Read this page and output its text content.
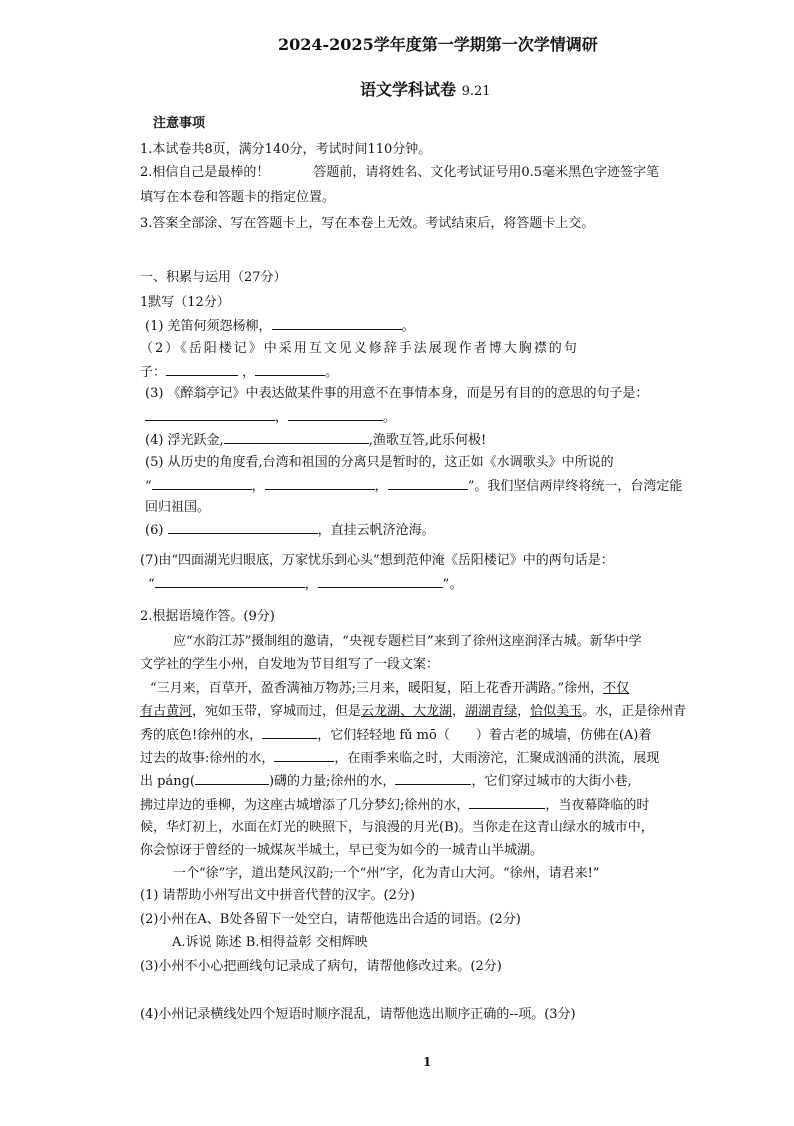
2024-2025学年度第一学期第一次学情调研
语文学科试卷 9.21
注意事项
1.本试卷共8页，满分140分，考试时间110分钟。
2.相信自己是最棒的！	答题前，请将姓名、文化考试证号用0.5毫米黑色字迹签字笔
填写在本卷和答题卡的指定位置。
3.答案全部涂、写在答题卡上，写在本卷上无效。考试结束后，将答题卡上交。
一、积累与运用（27分）
1默写（12分）
(1) 羌笛何须怨杨柳，	。
（2）《岳阳楼记》中采用互文见义修辞手法展现作者博大胸襟的句
子：	，	。
(3) 《醉翁亭记》中表达做某件事的用意不在事情本身，而是另有目的的意思的句子是：
，	。
(4) 浮光跃金,	,渔歌互答,此乐何极!
(5) 从历史的角度看,台湾和祖国的分离只是暂时的，这正如《水调歌头》中所说的
“	，	，	”。我们坚信两岸终将统一，台湾定能
回归祖国。
(6)	，直挂云帆济沧海。
(7)由“四面湖光归眼底，万家忧乐到心头”想到范仲淹《岳阳楼记》中的两句话是：
“	，	”。
2.根据语境作答。(9分)
应“水韵江苏”摄制组的邀请，“央视专题栏目”来到了徐州这座润泽古城。新华中学
文学社的学生小州，自发地为节目组写了一段文案：
“三月来，百草开，盈香满袖万物苏;三月来，暖阳复，陌上花香开满路。”徐州，不仅
有古黄河，宛如玉带，穿城而过，但是云龙湖、大龙湖，湖湖青绿，恰似美玉。水，正是徐州青
秀的底色!徐州的水，	，它们轻轻地 fǔ mō（ ）着古老的城墙，仿佛在(A)着
过去的故事:徐州的水，	，在雨季来临之时，大雨滂沱，汇聚成汹涌的洪流，展现
出 páng(	)礴的力量;徐州的水，	，它们穿过城市的大街小巷,
拂过岸边的垂柳，为这座古城增添了几分梦幻;徐州的水，	，当夜幕降临的时
候，华灯初上，水面在灯光的映照下，与浪漫的月光(B)。当你走在这青山绿水的城市中，
你会惊讶于曾经的一城煤灰半城土，早已变为如今的一城青山半城湖。
一个“徐”字，道出楚风汉韵;一个“州”字，化为青山大河。“徐州，请君来!”
(1) 请帮助小州写出文中拼音代替的汉字。(2分)
(2)小州在A、B处各留下一处空白，请帮他选出合适的词语。(2分)
A.诉说 陈述 B.相得益彰 交相辉映
(3)小州不小心把画线句记录成了病句，请帮他修改过来。(2分)
(4)小州记录横线处四个短语时顺序混乱，请帮他选出顺序正确的--项。(3分)
1
